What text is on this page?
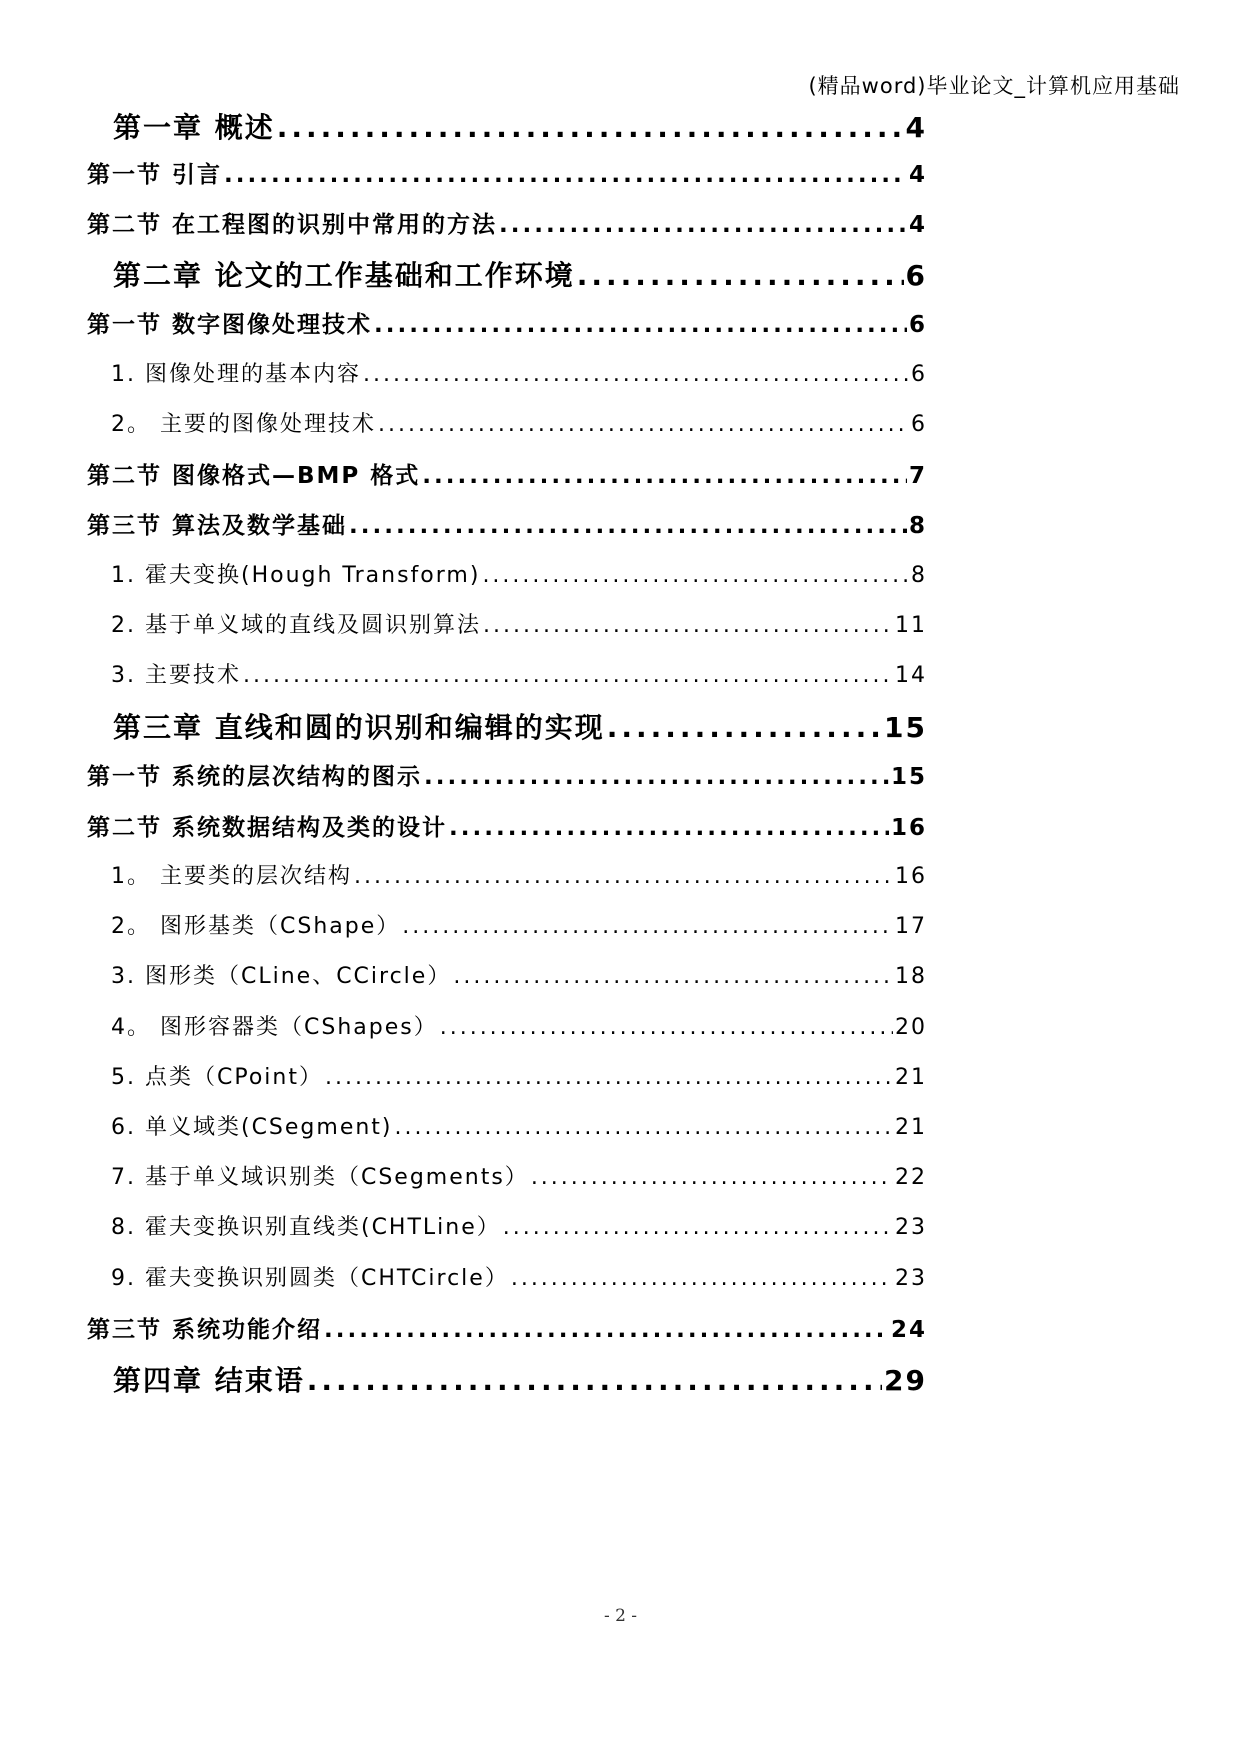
(精品word)毕业论文_计算机应用基础
第一章 概述 .....	4
第一节 引言 .....	4
第二节 在工程图的识别中常用的方法 .....	4
第二章 论文的工作基础和工作环境 .....	6
第一节 数字图像处理技术 .....	6
1. 图像处理的基本内容 .....	6
2。 主要的图像处理技术 .....	6
第二节 图像格式—BMP 格式 .....	7
第三节 算法及数学基础 .....	8
1. 霍夫变换(Hough Transform) .....	8
2. 基于单义域的直线及圆识别算法 .....	11
3. 主要技术 .....	14
第三章 直线和圆的识别和编辑的实现 .....	15
第一节 系统的层次结构的图示 .....	15
第二节 系统数据结构及类的设计 .....	16
1。 主要类的层次结构 .....	16
2。 图形基类（CShape） .....	17
3. 图形类（CLine、CCircle） .....	18
4。 图形容器类（CShapes） .....	20
5. 点类（CPoint） .....	21
6. 单义域类(CSegment) .....	21
7. 基于单义域识别类（CSegments） .....	22
8. 霍夫变换识别直线类(CHTLine） .....	23
9. 霍夫变换识别圆类（CHTCircle） .....	23
第三节 系统功能介绍 .....	24
第四章 结束语 .....	29
- 2 -
